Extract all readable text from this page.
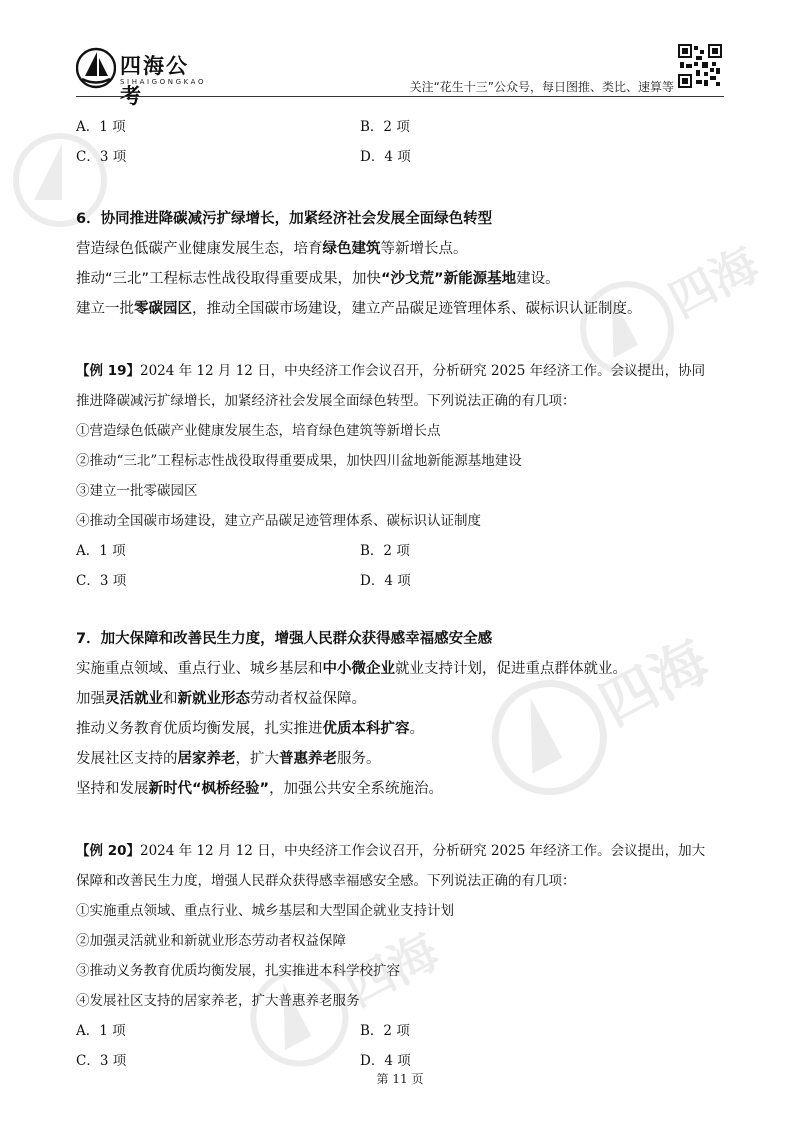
四海公考
SIHAIGONGKAO	关注“花生十三”公众号，每日图推、类比、速算等
四海
四海
四海
A．1 项	B．2 项
C．3 项	D．4 项
6．协同推进降碳减污扩绿增长，加紧经济社会发展全面绿色转型
营造绿色低碳产业健康发展生态，培育绿色建筑等新增长点。
推动“三北”工程标志性战役取得重要成果，加快“沙戈荒”新能源基地建设。
建立一批零碳园区，推动全国碳市场建设，建立产品碳足迹管理体系、碳标识认证制度。
【例 19】2024 年 12 月 12 日，中央经济工作会议召开，分析研究 2025 年经济工作。会议提出，协同
推进降碳减污扩绿增长，加紧经济社会发展全面绿色转型。下列说法正确的有几项：
①营造绿色低碳产业健康发展生态，培育绿色建筑等新增长点
②推动“三北”工程标志性战役取得重要成果，加快四川盆地新能源基地建设
③建立一批零碳园区
④推动全国碳市场建设，建立产品碳足迹管理体系、碳标识认证制度
A．1 项	B．2 项
C．3 项	D．4 项
7．加大保障和改善民生力度，增强人民群众获得感幸福感安全感
实施重点领域、重点行业、城乡基层和中小微企业就业支持计划，促进重点群体就业。
加强灵活就业和新就业形态劳动者权益保障。
推动义务教育优质均衡发展，扎实推进优质本科扩容。
发展社区支持的居家养老，扩大普惠养老服务。
坚持和发展新时代“枫桥经验”，加强公共安全系统施治。
【例 20】2024 年 12 月 12 日，中央经济工作会议召开，分析研究 2025 年经济工作。会议提出，加大
保障和改善民生力度，增强人民群众获得感幸福感安全感。下列说法正确的有几项：
①实施重点领域、重点行业、城乡基层和大型国企就业支持计划
②加强灵活就业和新就业形态劳动者权益保障
③推动义务教育优质均衡发展，扎实推进本科学校扩容
④发展社区支持的居家养老，扩大普惠养老服务
A．1 项	B．2 项
C．3 项	D．4 项
第 11 页
